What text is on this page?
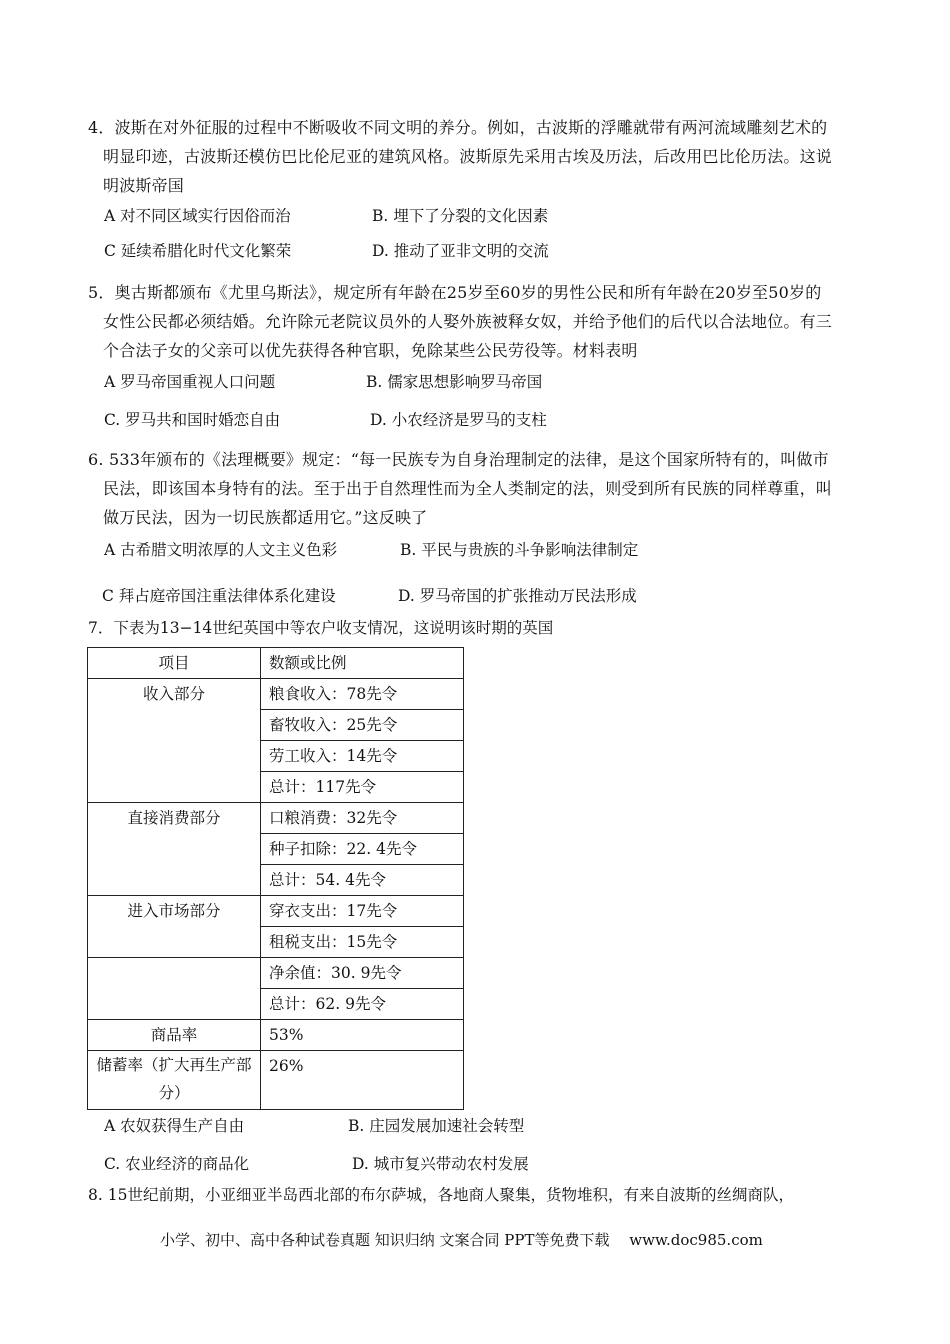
4．波斯在对外征服的过程中不断吸收不同文明的养分。例如，古波斯的浮雕就带有两河流域雕刻艺术的

明显印迹，古波斯还模仿巴比伦尼亚的建筑风格。波斯原先采用古埃及历法，后改用巴比伦历法。这说

明波斯帝国

A 对不同区域实行因俗而治	B. 埋下了分裂的文化因素
C 延续希腊化时代文化繁荣	D. 推动了亚非文明的交流

5．奥古斯都颁布《尤里乌斯法》，规定所有年龄在25岁至60岁的男性公民和所有年龄在20岁至50岁的

女性公民都必须结婚。允许除元老院议员外的人娶外族被释女奴，并给予他们的后代以合法地位。有三

个合法子女的父亲可以优先获得各种官职，免除某些公民劳役等。材料表明

A 罗马帝国重视人口问题	B. 儒家思想影响罗马帝国
C. 罗马共和国时婚恋自由	D. 小农经济是罗马的支柱

6. 533年颁布的《法理概要》规定：“每一民族专为自身治理制定的法律，是这个国家所特有的，叫做市

民法，即该国本身特有的法。至于出于自然理性而为全人类制定的法，则受到所有民族的同样尊重，叫

做万民法，因为一切民族都适用它。”这反映了

A 古希腊文明浓厚的人文主义色彩	B. 平民与贵族的斗争影响法律制定
C 拜占庭帝国注重法律体系化建设	D. 罗马帝国的扩张推动万民法形成
7．下表为13−14世纪英国中等农户收支情况，这说明该时期的英国
项目	数额或比例
收入部分	粮食收入：78先令
	畜牧收入：25先令
	劳工收入：14先令
	总计：117先令
直接消费部分	口粮消费：32先令
	种子扣除：22. 4先令
	总计：54. 4先令
进入市场部分	穿衣支出：17先令
	租税支出：15先令
	净余值：30. 9先令
	总计：62. 9先令
商品率	53%
储蓄率（扩大再生产部分）	26%
A 农奴获得生产自由	B. 庄园发展加速社会转型
C. 农业经济的商品化	D. 城市复兴带动农村发展
8. 15世纪前期，小亚细亚半岛西北部的布尔萨城，各地商人聚集，货物堆积，有来自波斯的丝绸商队，
小学、初中、高中各种试卷真题 知识归纳 文案合同 PPT等免费下载　 www.doc985.com
